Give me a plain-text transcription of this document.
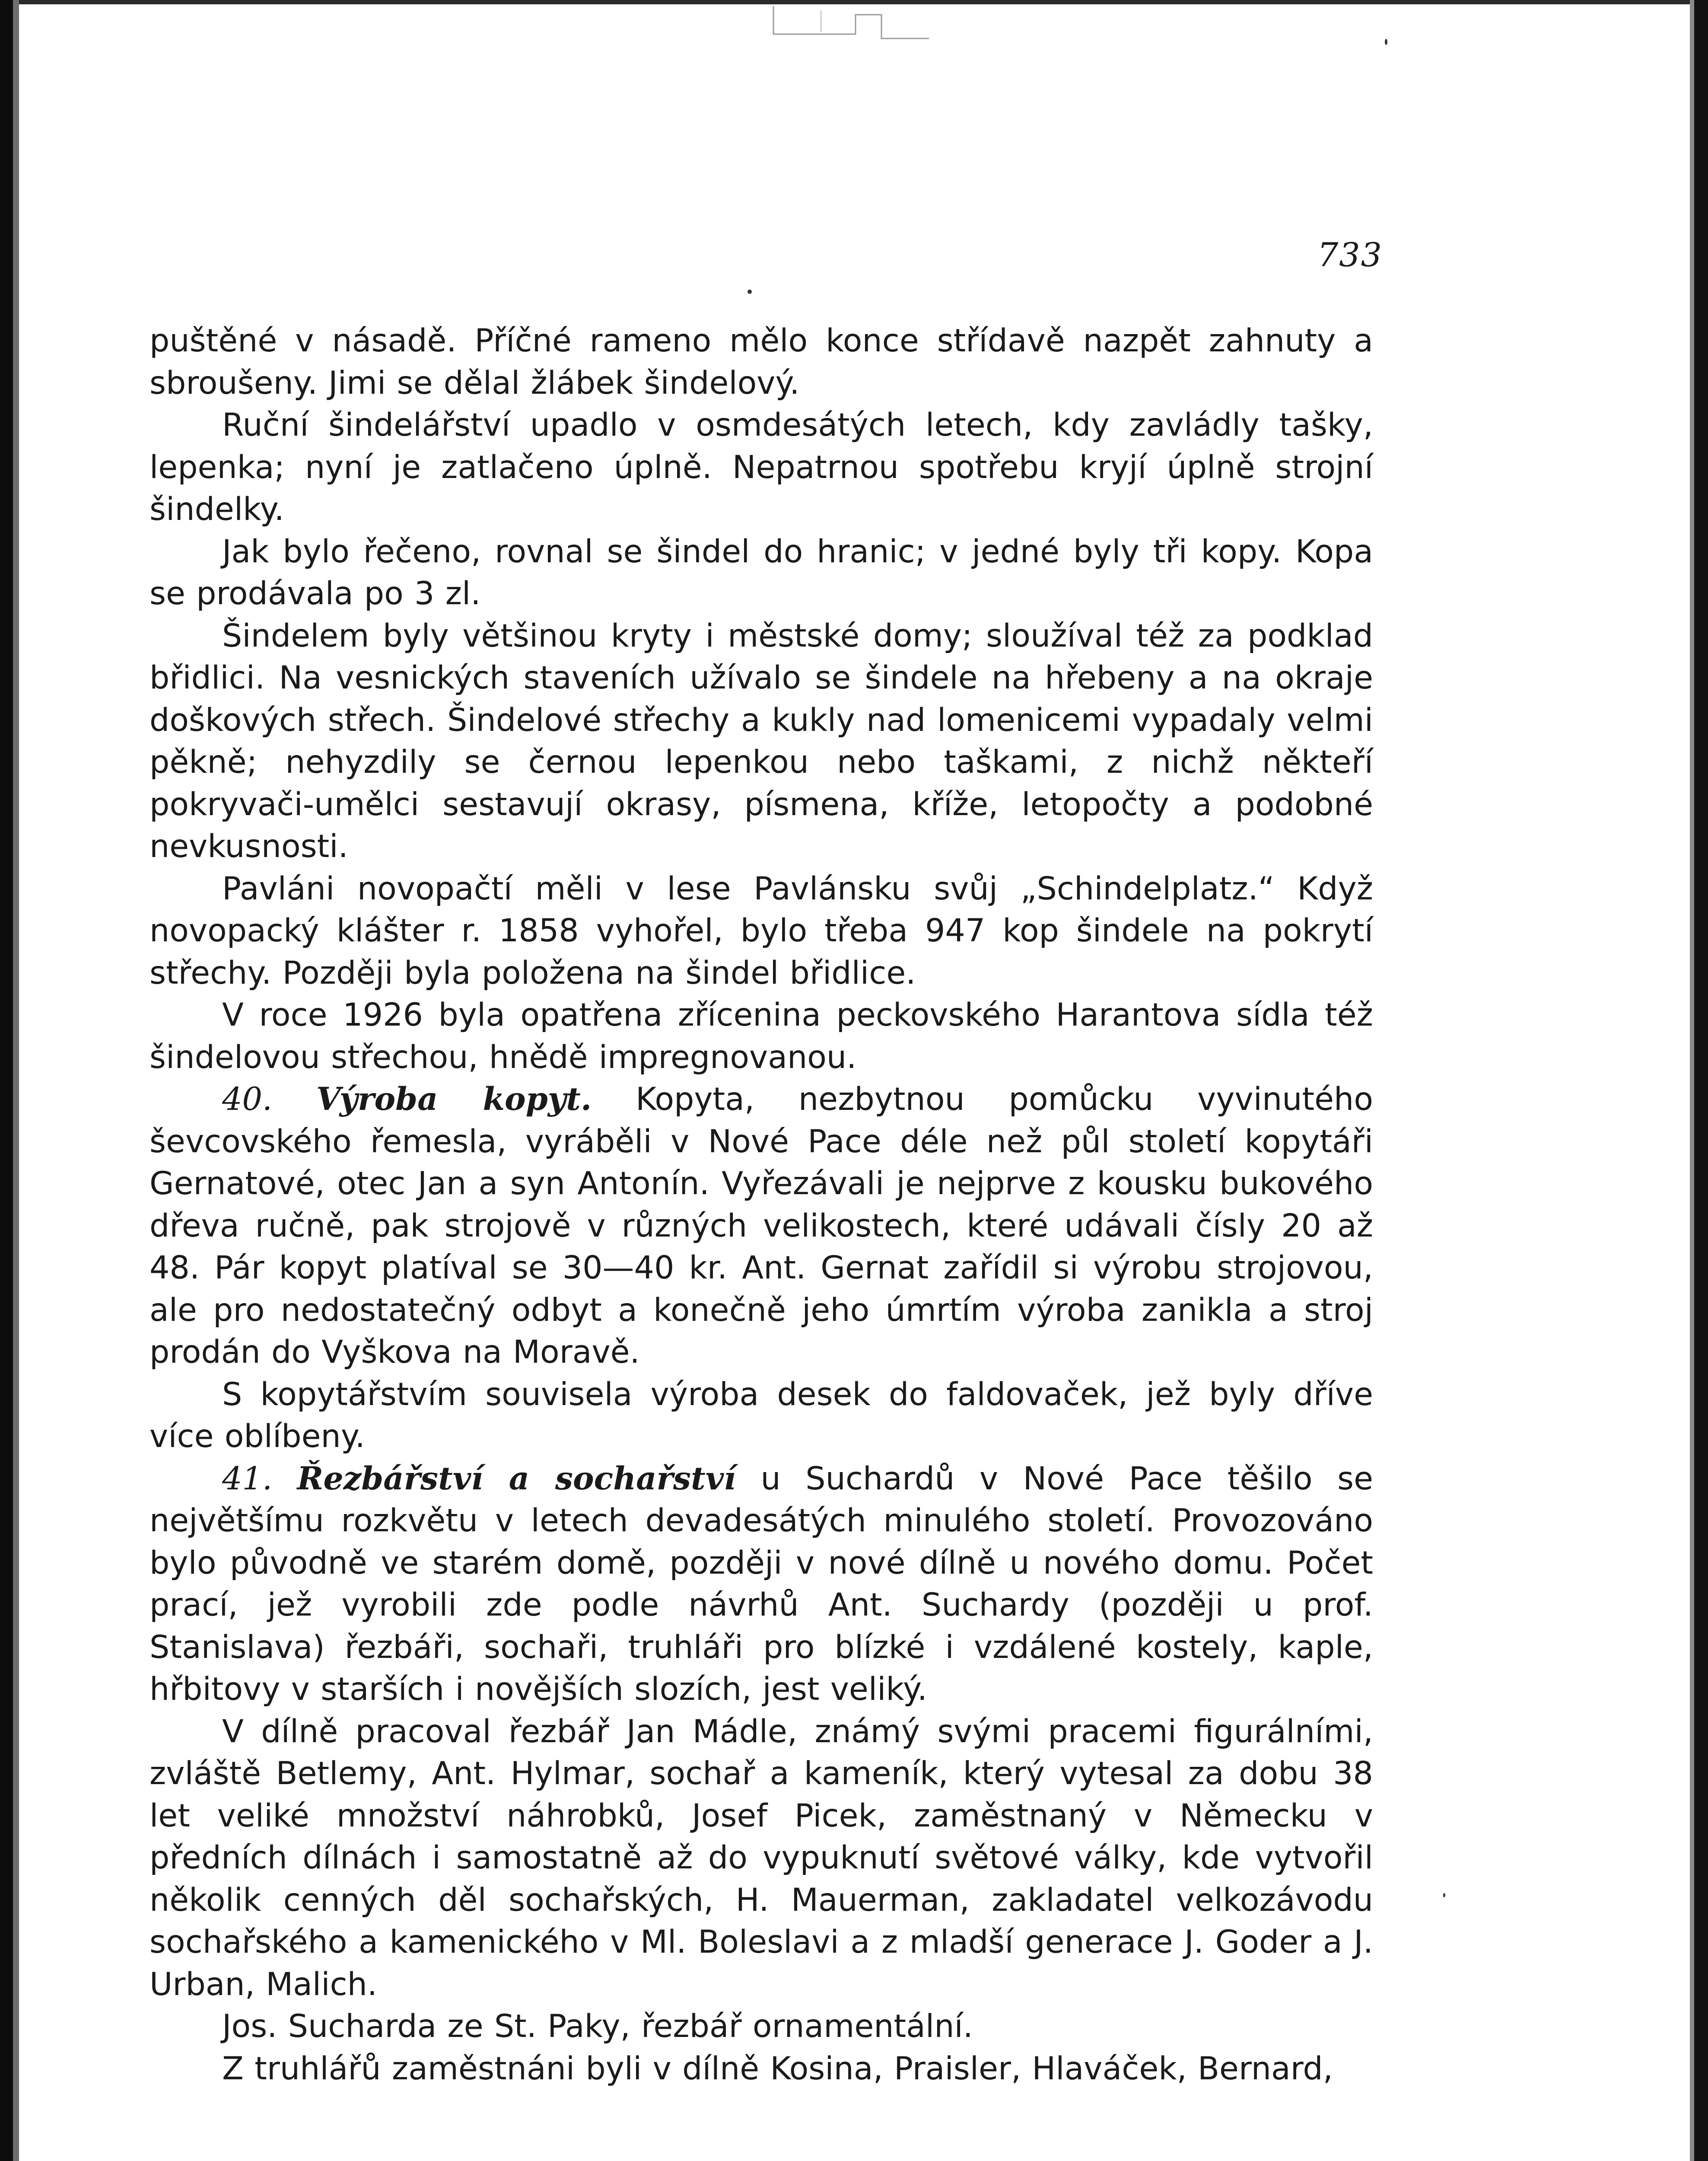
733

puštěné v násadě. Příčné rameno mělo konce střídavě nazpět zahnuty a sbroušeny. Jimi se dělal žlábek šindelový.

Ruční šindelářství upadlo v osmdesátých letech, kdy zavládly tašky, lepenka; nyní je zatlačeno úplně. Nepatrnou spotřebu kryjí úplně strojní šindelky.

Jak bylo řečeno, rovnal se šindel do hranic; v jedné byly tři kopy. Kopa se prodávala po 3 zl.

Šindelem byly většinou kryty i městské domy; sloužíval též za podklad břidlici. Na vesnických staveních užívalo se šindele na hřebeny a na okraje doškových střech. Šindelové střechy a kukly nad lomenicemi vypadaly velmi pěkně; nehyzdily se černou lepenkou nebo taškami, z nichž někteří pokryvači-umělci sestavují okrasy, písmena, kříže, letopočty a podobné nevkusnosti.

Pavláni novopačtí měli v lese Pavlánsku svůj „Schindelplatz.“ Když novopacký klášter r. 1858 vyhořel, bylo třeba 947 kop šindele na pokrytí střechy. Později byla položena na šindel břidlice.

V roce 1926 byla opatřena zřícenina peckovského Harantova sídla též šindelovou střechou, hnědě impregnovanou.

40. Výroba kopyt. Kopyta, nezbytnou pomůcku vyvinutého ševcovského řemesla, vyráběli v Nové Pace déle než půl století kopytáři Gernatové, otec Jan a syn Antonín. Vyřezávali je nejprve z kousku bukového dřeva ručně, pak strojově v různých velikostech, které udávali čísly 20 až 48. Pár kopyt platíval se 30—40 kr. Ant. Gernat zařídil si výrobu strojovou, ale pro nedostatečný odbyt a konečně jeho úmrtím výroba zanikla a stroj prodán do Vyškova na Moravě.

S kopytářstvím souvisela výroba desek do faldovaček, jež byly dříve více oblíbeny.

41. Řezbářství a sochařství u Suchardů v Nové Pace těšilo se největšímu rozkvětu v letech devadesátých minulého století. Provozováno bylo původně ve starém domě, později v nové dílně u nového domu. Počet prací, jež vyrobili zde podle návrhů Ant. Suchardy (později u prof. Stanislava) řezbáři, sochaři, truhláři pro blízké i vzdálené kostely, kaple, hřbitovy v starších i novějších slozích, jest veliký.

V dílně pracoval řezbář Jan Mádle, známý svými pracemi figurálními, zvláště Betlemy, Ant. Hylmar, sochař a kameník, který vytesal za dobu 38 let veliké množství náhrobků, Josef Picek, zaměstnaný v Německu v předních dílnách i samostatně až do vypuknutí světové války, kde vytvořil několik cenných děl sochařských, H. Mauerman, zakladatel velkozávodu sochařského a kamenického v Ml. Boleslavi a z mladší generace J. Goder a J. Urban, Malich.

Jos. Sucharda ze St. Paky, řezbář ornamentální.

Z truhlářů zaměstnáni byli v dílně Kosina, Praisler, Hlaváček, Bernard,
